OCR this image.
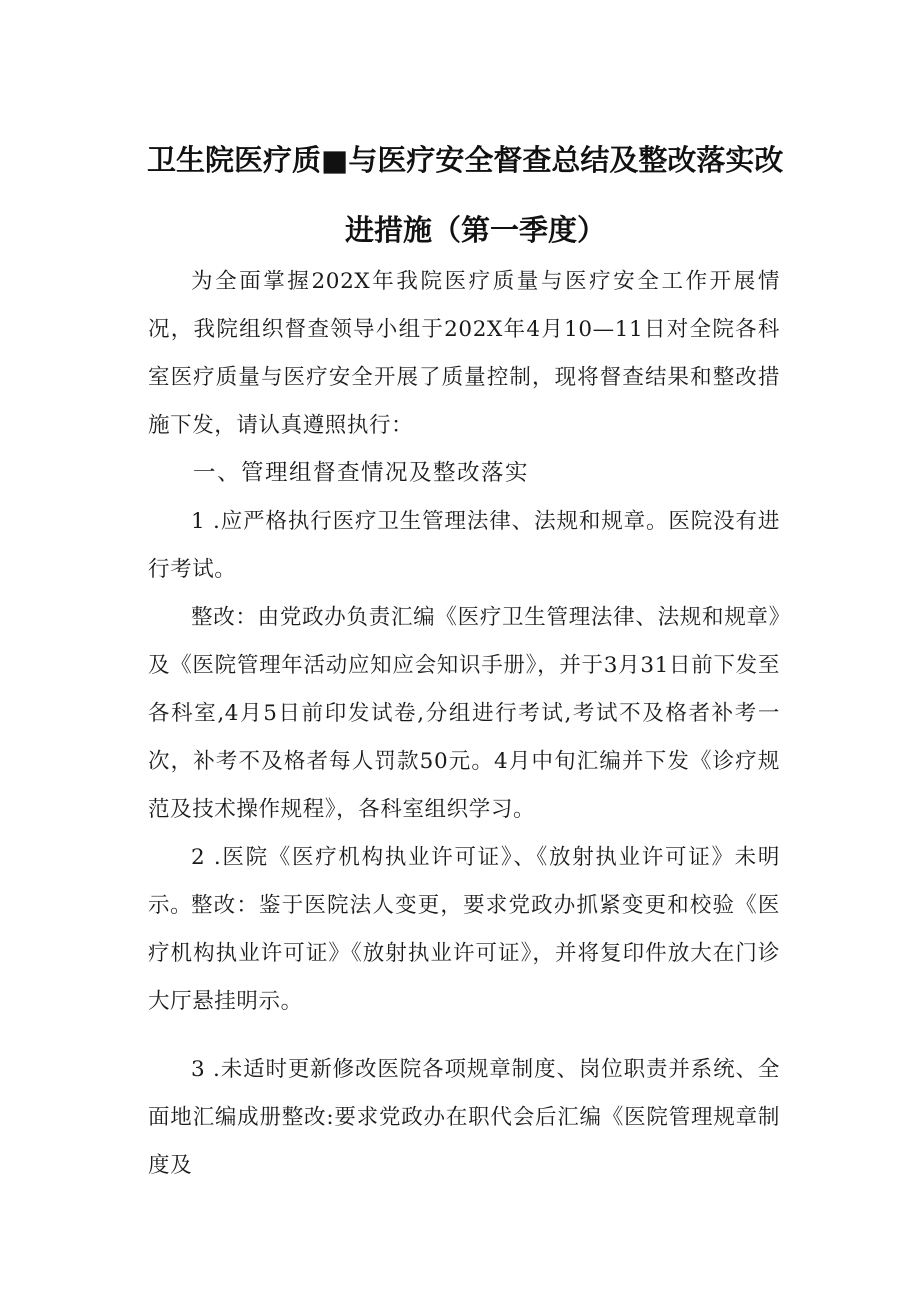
卫生院医疗质■与医疗安全督查总结及整改落实改
进措施（第一季度）

为全面掌握202X年我院医疗质量与医疗安全工作开展情况，我院组织督查领导小组于202X年4月10—11日对全院各科室医疗质量与医疗安全开展了质量控制，现将督查结果和整改措施下发，请认真遵照执行：

一、管理组督查情况及整改落实

1 .应严格执行医疗卫生管理法律、法规和规章。医院没有进行考试。

整改：由党政办负责汇编《医疗卫生管理法律、法规和规章》及《医院管理年活动应知应会知识手册》，并于3月31日前下发至各科室,4月5日前印发试卷,分组进行考试,考试不及格者补考一次，补考不及格者每人罚款50元。4月中旬汇编并下发《诊疗规范及技术操作规程》，各科室组织学习。

2 .医院《医疗机构执业许可证》、《放射执业许可证》未明示。

整改：鉴于医院法人变更，要求党政办抓紧变更和校验《医疗机构执业许可证》《放射执业许可证》，并将复印件放大在门诊大厅悬挂明示。

3 .未适时更新修改医院各项规章制度、岗位职责并系统、全面地汇编成册整改:要求党政办在职代会后汇编《医院管理规章制度及
